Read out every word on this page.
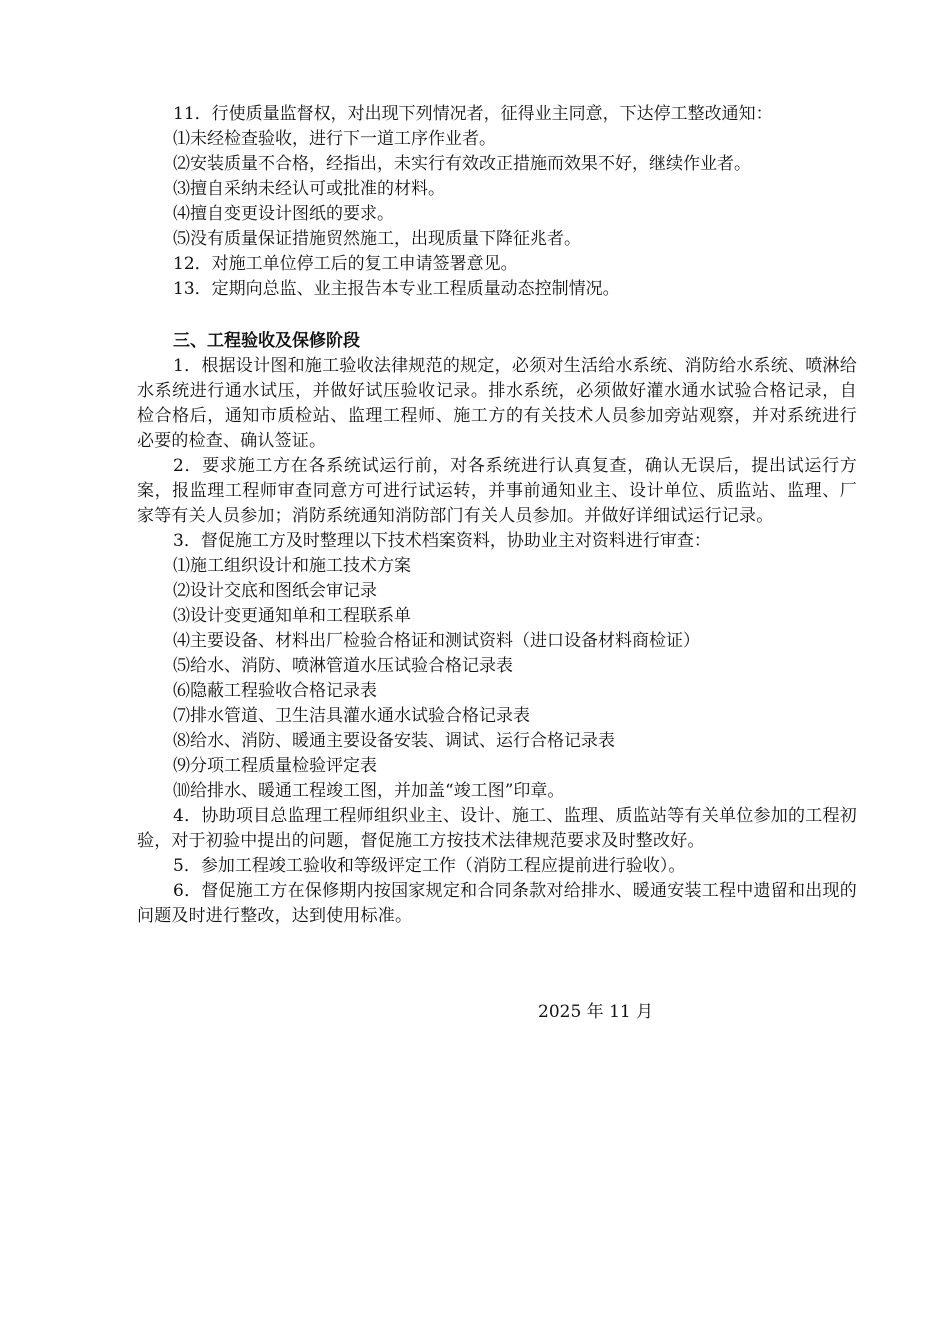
11．行使质量监督权，对出现下列情况者，征得业主同意，下达停工整改通知：
⑴未经检查验收，进行下一道工序作业者。
⑵安装质量不合格，经指出，未实行有效改正措施而效果不好，继续作业者。
⑶擅自采纳未经认可或批准的材料。
⑷擅自变更设计图纸的要求。
⑸没有质量保证措施贸然施工，出现质量下降征兆者。
12．对施工单位停工后的复工申请签署意见。
13．定期向总监、业主报告本专业工程质量动态控制情况。
三、工程验收及保修阶段
1．根据设计图和施工验收法律规范的规定，必须对生活给水系统、消防给水系统、喷淋给水系统进行通水试压，并做好试压验收记录。排水系统，必须做好灌水通水试验合格记录，自检合格后，通知市质检站、监理工程师、施工方的有关技术人员参加旁站观察，并对系统进行必要的检查、确认签证。
2．要求施工方在各系统试运行前，对各系统进行认真复查，确认无误后，提出试运行方案，报监理工程师审查同意方可进行试运转，并事前通知业主、设计单位、质监站、监理、厂家等有关人员参加；消防系统通知消防部门有关人员参加。并做好详细试运行记录。
3．督促施工方及时整理以下技术档案资料，协助业主对资料进行审查：
⑴施工组织设计和施工技术方案
⑵设计交底和图纸会审记录
⑶设计变更通知单和工程联系单
⑷主要设备、材料出厂检验合格证和测试资料（进口设备材料商检证）
⑸给水、消防、喷淋管道水压试验合格记录表
⑹隐蔽工程验收合格记录表
⑺排水管道、卫生洁具灌水通水试验合格记录表
⑻给水、消防、暖通主要设备安装、调试、运行合格记录表
⑼分项工程质量检验评定表
⑽给排水、暖通工程竣工图，并加盖“竣工图”印章。
4．协助项目总监理工程师组织业主、设计、施工、监理、质监站等有关单位参加的工程初验，对于初验中提出的问题，督促施工方按技术法律规范要求及时整改好。
5．参加工程竣工验收和等级评定工作（消防工程应提前进行验收）。
6．督促施工方在保修期内按国家规定和合同条款对给排水、暖通安装工程中遗留和出现的问题及时进行整改，达到使用标准。
2025 年 11 月
